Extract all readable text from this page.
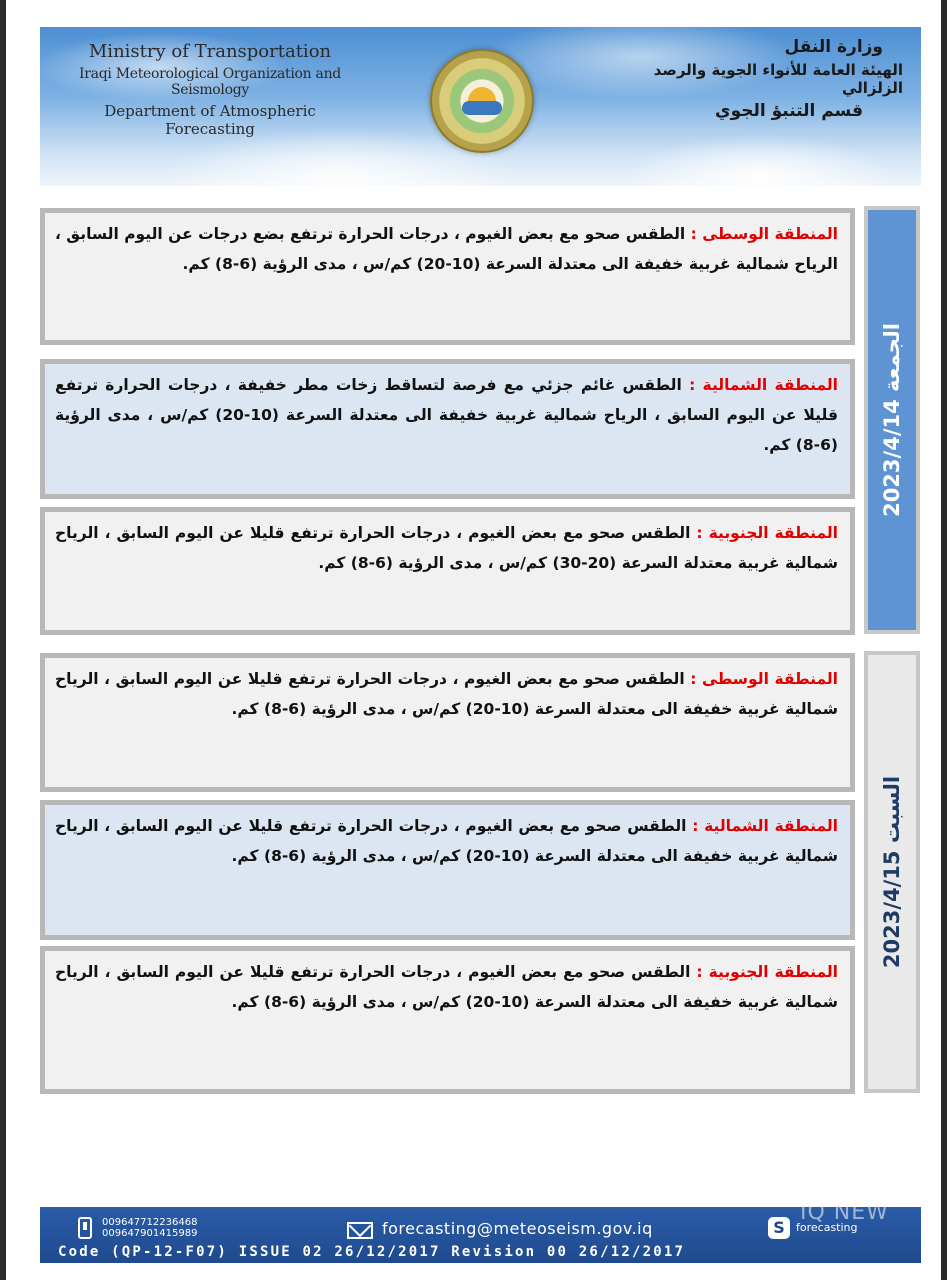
Ministry of Transportation
Iraqi Meteorological Organization and Seismology
Department of Atmospheric Forecasting
وزارة النقل
الهيئة العامة للأنواء الجوية والرصد الزلزالي
قسم التنبؤ الجوي
المنطقة الوسطى : الطقس صحو مع بعض الغيوم ، درجات الحرارة ترتفع بضع درجات عن اليوم السابق ، الرياح شمالية غربية خفيفة الى معتدلة السرعة (10-20) كم/س ، مدى الرؤية (6-8) كم.
المنطقة الشمالية : الطقس غائم جزئي مع فرصة لتساقط زخات مطر خفيفة ، درجات الحرارة ترتفع قليلا عن اليوم السابق ، الرياح شمالية غربية خفيفة الى معتدلة السرعة (10-20) كم/س ، مدى الرؤية (6-8) كم.
المنطقة الجنوبية : الطقس صحو مع بعض الغيوم ، درجات الحرارة ترتفع قليلا عن اليوم السابق ، الرياح شمالية غربية معتدلة السرعة (20-30) كم/س ، مدى الرؤية (6-8) كم.
الجمعة 2023/4/14
المنطقة الوسطى : الطقس صحو مع بعض الغيوم ، درجات الحرارة ترتفع قليلا عن اليوم السابق ، الرياح شمالية غربية خفيفة الى معتدلة السرعة (10-20) كم/س ، مدى الرؤية (6-8) كم.
المنطقة الشمالية : الطقس صحو مع بعض الغيوم ، درجات الحرارة ترتفع قليلا عن اليوم السابق ، الرياح شمالية غربية خفيفة الى معتدلة السرعة (10-20) كم/س ، مدى الرؤية (6-8) كم.
المنطقة الجنوبية : الطقس صحو مع بعض الغيوم ، درجات الحرارة ترتفع قليلا عن اليوم السابق ، الرياح شمالية غربية خفيفة الى معتدلة السرعة (10-20) كم/س ، مدى الرؤية (6-8) كم.
السبت 2023/4/15
009647712236468
009647901415989	forecasting@meteoseism.gov.iq	S	forecasting
Code (QP-12-F07) ISSUE 02 26/12/2017 Revision 00 26/12/2017
IQ NEW
